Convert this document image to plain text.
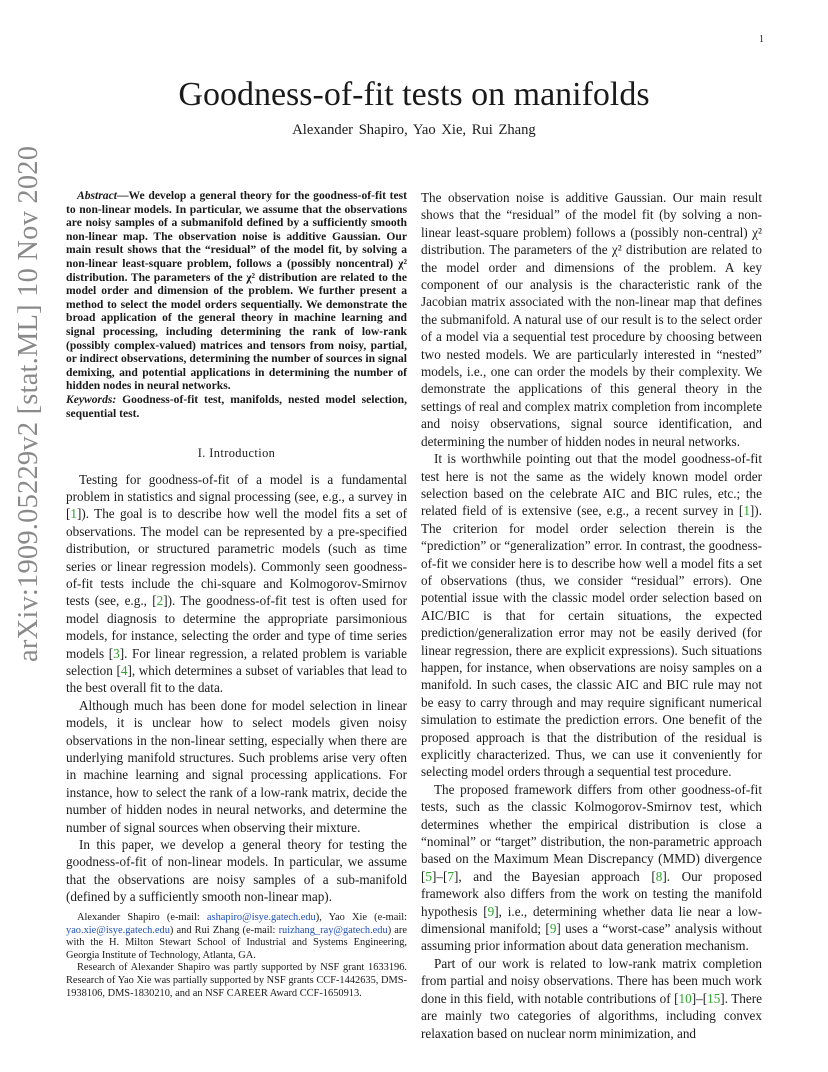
1
arXiv:1909.05229v2 [stat.ML] 10 Nov 2020
Goodness-of-fit tests on manifolds
Alexander Shapiro, Yao Xie, Rui Zhang

Abstract—We develop a general theory for the goodness-of-fit test to non-linear models. In particular, we assume that the observations are noisy samples of a submanifold defined by a sufficiently smooth non-linear map. The observation noise is additive Gaussian. Our main result shows that the “residual” of the model fit, by solving a non-linear least-square problem, follows a (possibly noncentral) χ² distribution. The parameters of the χ² distribution are related to the model order and dimension of the problem. We further present a method to select the model orders sequentially. We demonstrate the broad application of the general theory in machine learning and signal processing, including determining the rank of low-rank (possibly complex-valued) matrices and tensors from noisy, partial, or indirect observations, determining the number of sources in signal demixing, and potential applications in determining the number of hidden nodes in neural networks.

Keywords: Goodness-of-fit test, manifolds, nested model selection, sequential test.

I. Introduction

Testing for goodness-of-fit of a model is a fundamental problem in statistics and signal processing (see, e.g., a survey in [1]). The goal is to describe how well the model fits a set of observations. The model can be represented by a pre-specified distribution, or structured parametric models (such as time series or linear regression models). Commonly seen goodness-of-fit tests include the chi-square and Kolmogorov-Smirnov tests (see, e.g., [2]). The goodness-of-fit test is often used for model diagnosis to determine the appropriate parsimonious models, for instance, selecting the order and type of time series models [3]. For linear regression, a related problem is variable selection [4], which determines a subset of variables that lead to the best overall fit to the data.

Although much has been done for model selection in linear models, it is unclear how to select models given noisy observations in the non-linear setting, especially when there are underlying manifold structures. Such problems arise very often in machine learning and signal processing applications. For instance, how to select the rank of a low-rank matrix, decide the number of hidden nodes in neural networks, and determine the number of signal sources when observing their mixture.

In this paper, we develop a general theory for testing the goodness-of-fit of non-linear models. In particular, we assume that the observations are noisy samples of a sub-manifold (defined by a sufficiently smooth non-linear map).

Alexander Shapiro (e-mail: ashapiro@isye.gatech.edu), Yao Xie (e-mail: yao.xie@isye.gatech.edu) and Rui Zhang (e-mail: ruizhang_ray@gatech.edu) are with the H. Milton Stewart School of Industrial and Systems Engineering, Georgia Institute of Technology, Atlanta, GA.

Research of Alexander Shapiro was partly supported by NSF grant 1633196. Research of Yao Xie was partially supported by NSF grants CCF-1442635, DMS-1938106, DMS-1830210, and an NSF CAREER Award CCF-1650913.

The observation noise is additive Gaussian. Our main result shows that the “residual” of the model fit (by solving a non-linear least-square problem) follows a (possibly non-central) χ² distribution. The parameters of the χ² distribution are related to the model order and dimensions of the problem. A key component of our analysis is the characteristic rank of the Jacobian matrix associated with the non-linear map that defines the submanifold. A natural use of our result is to the select order of a model via a sequential test procedure by choosing between two nested models. We are particularly interested in “nested” models, i.e., one can order the models by their complexity. We demonstrate the applications of this general theory in the settings of real and complex matrix completion from incomplete and noisy observations, signal source identification, and determining the number of hidden nodes in neural networks.

It is worthwhile pointing out that the model goodness-of-fit test here is not the same as the widely known model order selection based on the celebrate AIC and BIC rules, etc.; the related field of is extensive (see, e.g., a recent survey in [1]). The criterion for model order selection therein is the “prediction” or “generalization” error. In contrast, the goodness-of-fit we consider here is to describe how well a model fits a set of observations (thus, we consider “residual” errors). One potential issue with the classic model order selection based on AIC/BIC is that for certain situations, the expected prediction/generalization error may not be easily derived (for linear regression, there are explicit expressions). Such situations happen, for instance, when observations are noisy samples on a manifold. In such cases, the classic AIC and BIC rule may not be easy to carry through and may require significant numerical simulation to estimate the prediction errors. One benefit of the proposed approach is that the distribution of the residual is explicitly characterized. Thus, we can use it conveniently for selecting model orders through a sequential test procedure.

The proposed framework differs from other goodness-of-fit tests, such as the classic Kolmogorov-Smirnov test, which determines whether the empirical distribution is close a “nominal” or “target” distribution, the non-parametric approach based on the Maximum Mean Discrepancy (MMD) divergence [5]–[7], and the Bayesian approach [8]. Our proposed framework also differs from the work on testing the manifold hypothesis [9], i.e., determining whether data lie near a low-dimensional manifold; [9] uses a “worst-case” analysis without assuming prior information about data generation mechanism.

Part of our work is related to low-rank matrix completion from partial and noisy observations. There has been much work done in this field, with notable contributions of [10]–[15]. There are mainly two categories of algorithms, including convex relaxation based on nuclear norm minimization, and
